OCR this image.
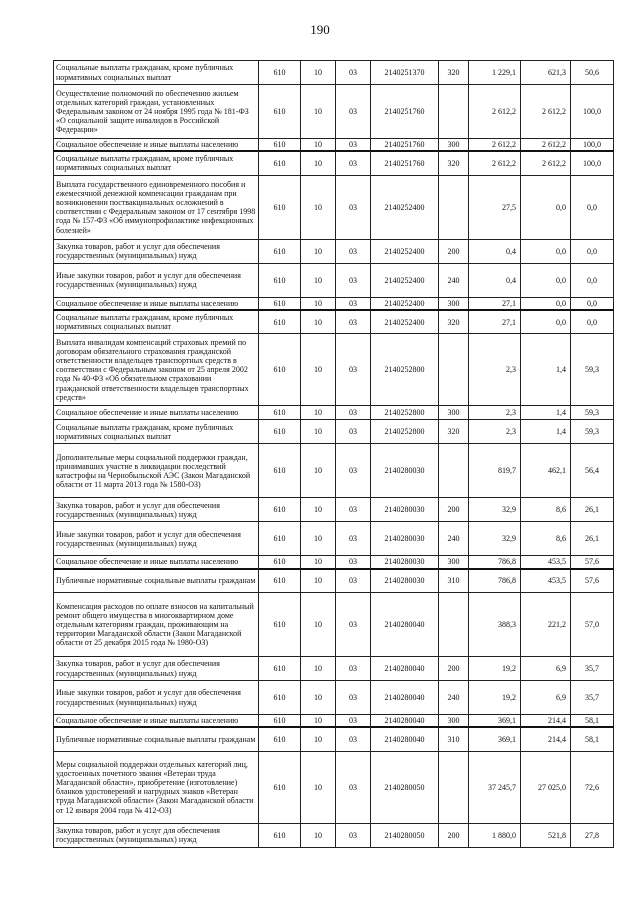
190
Социальные выплаты гражданам, кроме публичных нормативных социальных выплат	610	10	03	2140251370	320	1 229,1	621,3	50,6
Осуществление полномочий по обеспечению жильем отдельных категорий граждан, установленных Федеральным законом от 24 ноября 1995 года № 181-ФЗ «О социальной защите инвалидов в Российской Федерации»	610	10	03	2140251760		2 612,2	2 612,2	100,0
Социальное обеспечение и иные выплаты населению	610	10	03	2140251760	300	2 612,2	2 612,2	100,0
Социальные выплаты гражданам, кроме публичных нормативных социальных выплат	610	10	03	2140251760	320	2 612,2	2 612,2	100,0
Выплата государственного единовременного пособия и ежемесячной денежной компенсации гражданам при возникновении поствакцинальных осложнений в соответствии с Федеральным законом от 17 сентября 1998 года № 157-ФЗ «Об иммунопрофилактике инфекционных болезней»	610	10	03	2140252400		27,5	0,0	0,0
Закупка товаров, работ и услуг для обеспечения государственных (муниципальных) нужд	610	10	03	2140252400	200	0,4	0,0	0,0
Иные закупки товаров, работ и услуг для обеспечения государственных (муниципальных) нужд	610	10	03	2140252400	240	0,4	0,0	0,0
Социальное обеспечение и иные выплаты населению	610	10	03	2140252400	300	27,1	0,0	0,0
Социальные выплаты гражданам, кроме публичных нормативных социальных выплат	610	10	03	2140252400	320	27,1	0,0	0,0
Выплата инвалидам компенсаций страховых премий по договорам обязательного страхования гражданской ответственности владельцев транспортных средств в соответствии с Федеральным законом от 25 апреля 2002 года № 40-ФЗ «Об обязательном страховании гражданской ответственности владельцев транспортных средств»	610	10	03	2140252800		2,3	1,4	59,3
Социальное обеспечение и иные выплаты населению	610	10	03	2140252800	300	2,3	1,4	59,3
Социальные выплаты гражданам, кроме публичных нормативных социальных выплат	610	10	03	2140252800	320	2,3	1,4	59,3
Дополнительные меры социальной поддержки граждан, принимавших участие в ликвидации последствий катастрофы на Чернобыльской АЭС (Закон Магаданской области от 11 марта 2013 года № 1580-ОЗ)	610	10	03	2140280030		819,7	462,1	56,4
Закупка товаров, работ и услуг для обеспечения государственных (муниципальных) нужд	610	10	03	2140280030	200	32,9	8,6	26,1
Иные закупки товаров, работ и услуг для обеспечения государственных (муниципальных) нужд	610	10	03	2140280030	240	32,9	8,6	26,1
Социальное обеспечение и иные выплаты населению	610	10	03	2140280030	300	786,8	453,5	57,6
Публичные нормативные социальные выплаты гражданам	610	10	03	2140280030	310	786,8	453,5	57,6
Компенсация расходов по оплате взносов на капитальный ремонт общего имущества в многоквартирном доме отдельным категориям граждан, проживающим на территории Магаданской области (Закон Магаданской области от 25 декабря 2015 года № 1980-ОЗ)	610	10	03	2140280040		388,3	221,2	57,0
Закупка товаров, работ и услуг для обеспечения государственных (муниципальных) нужд	610	10	03	2140280040	200	19,2	6,9	35,7
Иные закупки товаров, работ и услуг для обеспечения государственных (муниципальных) нужд	610	10	03	2140280040	240	19,2	6,9	35,7
Социальное обеспечение и иные выплаты населению	610	10	03	2140280040	300	369,1	214,4	58,1
Публичные нормативные социальные выплаты гражданам	610	10	03	2140280040	310	369,1	214,4	58,1
Меры социальной поддержки отдельных категорий лиц, удостоенных почетного звания «Ветеран труда Магаданской области», приобретение (изготовление) бланков удостоверений и нагрудных знаков «Ветеран труда Магаданской области» (Закон Магаданской области от 12 января 2004 года № 412-ОЗ)	610	10	03	2140280050		37 245,7	27 025,0	72,6
Закупка товаров, работ и услуг для обеспечения государственных (муниципальных) нужд	610	10	03	2140280050	200	1 880,0	521,8	27,8
